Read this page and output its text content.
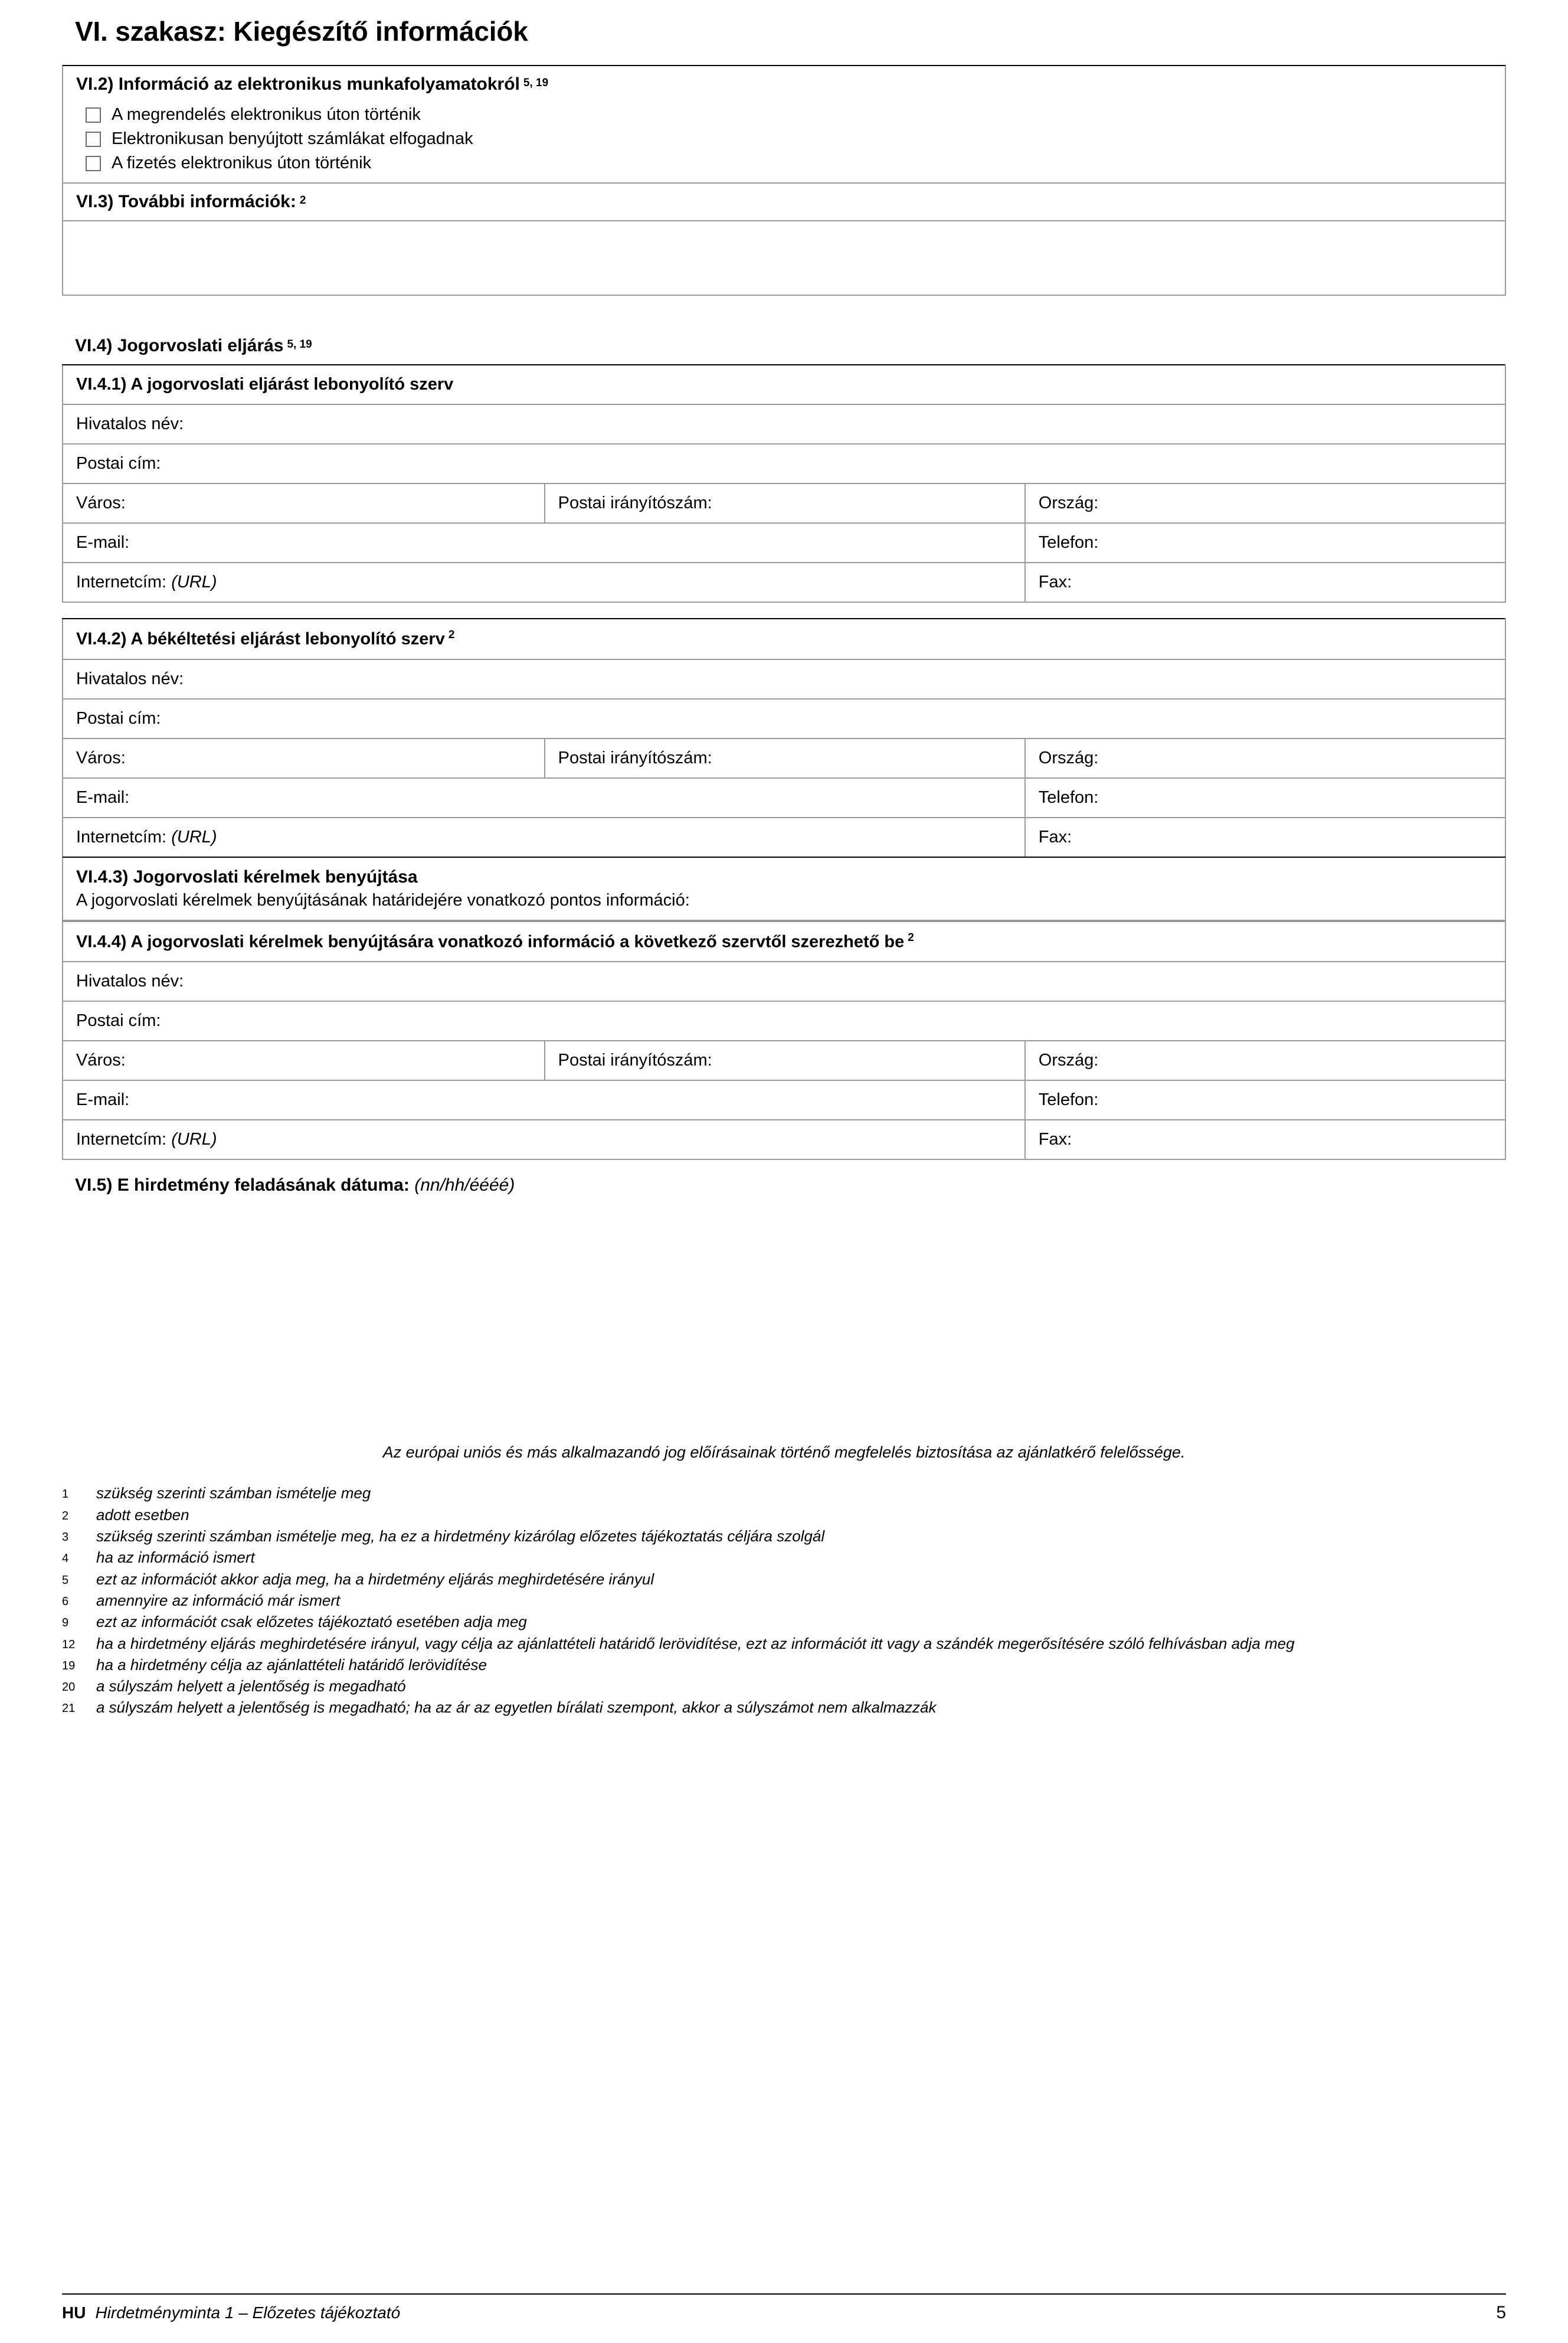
VI. szakasz: Kiegészítő információk
VI.2) Információ az elektronikus munkafolyamatokról $^{5, 19}$
A megrendelés elektronikus úton történik
Elektronikusan benyújtott számlákat elfogadnak
A fizetés elektronikus úton történik
VI.3) További információk: $^2$
VI.4) Jogorvoslati eljárás $^{5, 19}$
VI.4.1) A jogorvoslati eljárást lebonyolító szerv		
Hivatalos név:		
Postai cím:		
Város:	Postai irányítószám:	Ország:
E-mail:		Telefon:
Internetcím: (URL)		Fax:
VI.4.2) A békéltetési eljárást lebonyolító szerv $^2$
Hivatalos név:		
Postai cím:		
Város:	Postai irányítószám:	Ország:
E-mail:		Telefon:
Internetcím: (URL)		Fax:
VI.4.3) Jogorvoslati kérelmek benyújtása
A jogorvoslati kérelmek benyújtásának határidejére vonatkozó pontos információ:
VI.4.4) A jogorvoslati kérelmek benyújtására vonatkozó információ a következő szervtől szerezhető be $^2$
Hivatalos név:		
Postai cím:		
Város:	Postai irányítószám:	Ország:
E-mail:		Telefon:
Internetcím: (URL)		Fax:
VI.5) E hirdetmény feladásának dátuma: (nn/hh/éééé)
Az európai uniós és más alkalmazandó jog előírásainak történő megfelelés biztosítása az ajánlatkérő felelőssége.
1	szükség szerinti számban ismételje meg
2	adott esetben
3	szükség szerinti számban ismételje meg, ha ez a hirdetmény kizárólag előzetes tájékoztatás céljára szolgál
4	ha az információ ismert
5	ezt az információt akkor adja meg, ha a hirdetmény eljárás meghirdetésére irányul
6	amennyire az információ már ismert
9	ezt az információt csak előzetes tájékoztató esetében adja meg
12	ha a hirdetmény eljárás meghirdetésére irányul, vagy célja az ajánlattételi határidő lerövidítése, ezt az információt itt vagy a szándék megerősítésére szóló felhívásban adja meg
19	ha a hirdetmény célja az ajánlattételi határidő lerövidítése
20	a súlyszám helyett a jelentőség is megadható
21	a súlyszám helyett a jelentőség is megadható; ha az ár az egyetlen bírálati szempont, akkor a súlyszámot nem alkalmazzák
HU Hirdetményminta 1 – Előzetes tájékoztató	5
